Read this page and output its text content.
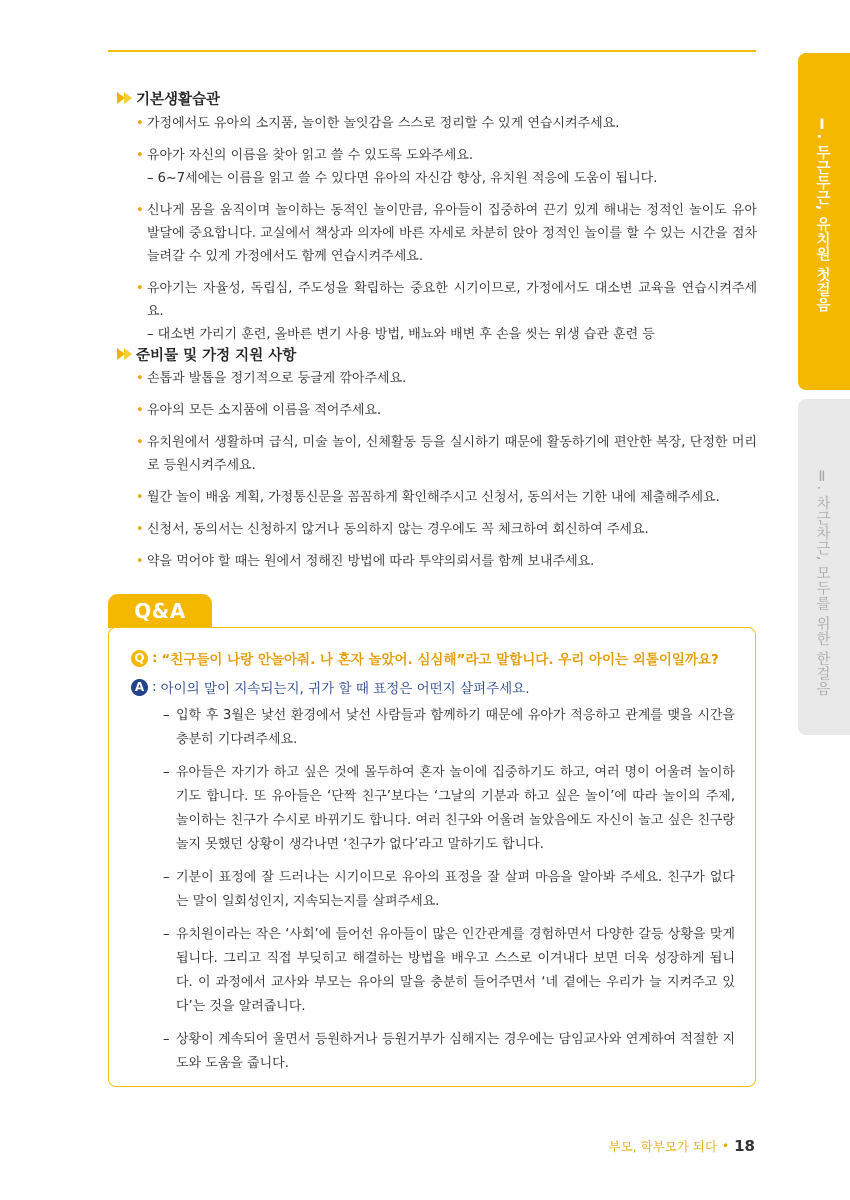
기본생활습관
• 가정에서도 유아의 소지품, 놀이한 놀잇감을 스스로 정리할 수 있게 연습시켜주세요.
• 유아가 자신의 이름을 찾아 읽고 쓸 수 있도록 도와주세요.
– 6~7세에는 이름을 읽고 쓸 수 있다면 유아의 자신감 향상, 유치원 적응에 도움이 됩니다.
• 신나게 몸을 움직이며 놀이하는 동적인 놀이만큼, 유아들이 집중하여 끈기 있게 해내는 정적인 놀이도 유아 발달에 중요합니다. 교실에서 책상과 의자에 바른 자세로 차분히 앉아 정적인 놀이를 할 수 있는 시간을 점차 늘려갈 수 있게 가정에서도 함께 연습시켜주세요.
• 유아기는 자율성, 독립심, 주도성을 확립하는 중요한 시기이므로, 가정에서도 대소변 교육을 연습시켜주세요.
– 대소변 가리기 훈련, 올바른 변기 사용 방법, 배뇨와 배변 후 손을 씻는 위생 습관 훈련 등
준비물 및 가정 지원 사항
• 손톱과 발톱을 정기적으로 둥글게 깎아주세요.
• 유아의 모든 소지품에 이름을 적어주세요.
• 유치원에서 생활하며 급식, 미술 놀이, 신체활동 등을 실시하기 때문에 활동하기에 편안한 복장, 단정한 머리로 등원시켜주세요.
• 월간 놀이 배움 계획, 가정통신문을 꼼꼼하게 확인해주시고 신청서, 동의서는 기한 내에 제출해주세요.
• 신청서, 동의서는 신청하지 않거나 동의하지 않는 경우에도 꼭 체크하여 회신하여 주세요.
• 약을 먹어야 할 때는 원에서 정해진 방법에 따라 투약의뢰서를 함께 보내주세요.
Q&A
Q : “친구들이 나랑 안놀아줘. 나 혼자 놀았어. 심심해”라고 말합니다. 우리 아이는 외톨이일까요?
A : 아이의 말이 지속되는지, 귀가 할 때 표정은 어떤지 살펴주세요.
– 입학 후 3월은 낯선 환경에서 낯선 사람들과 함께하기 때문에 유아가 적응하고 관계를 맺을 시간을 충분히 기다려주세요.
– 유아들은 자기가 하고 싶은 것에 몰두하여 혼자 놀이에 집중하기도 하고, 여러 명이 어울려 놀이하기도 합니다. 또 유아들은 ‘단짝 친구’보다는 ‘그날의 기분과 하고 싶은 놀이’에 따라 놀이의 주제, 놀이하는 친구가 수시로 바뀌기도 합니다. 여러 친구와 어울려 놀았음에도 자신이 놀고 싶은 친구랑 놀지 못했던 상황이 생각나면 ‘친구가 없다’라고 말하기도 합니다.
– 기분이 표정에 잘 드러나는 시기이므로 유아의 표정을 잘 살펴 마음을 알아봐 주세요. 친구가 없다는 말이 일회성인지, 지속되는지를 살펴주세요.
– 유치원이라는 작은 ‘사회’에 들어선 유아들이 많은 인간관계를 경험하면서 다양한 갈등 상황을 맞게 됩니다. 그리고 직접 부딪히고 해결하는 방법을 배우고 스스로 이겨내다 보면 더욱 성장하게 됩니다. 이 과정에서 교사와 부모는 유아의 말을 충분히 들어주면서 ‘네 곁에는 우리가 늘 지켜주고 있다’는 것을 알려줍니다.
– 상황이 계속되어 울면서 등원하거나 등원거부가 심해지는 경우에는 담임교사와 연계하여 적절한 지도와 도움을 줍니다.
Ⅰ. 두근두근, 유치원 첫걸음
Ⅱ. 차근차근, 모두를 위한 한걸음
부모, 학부모가 되다 • 18
